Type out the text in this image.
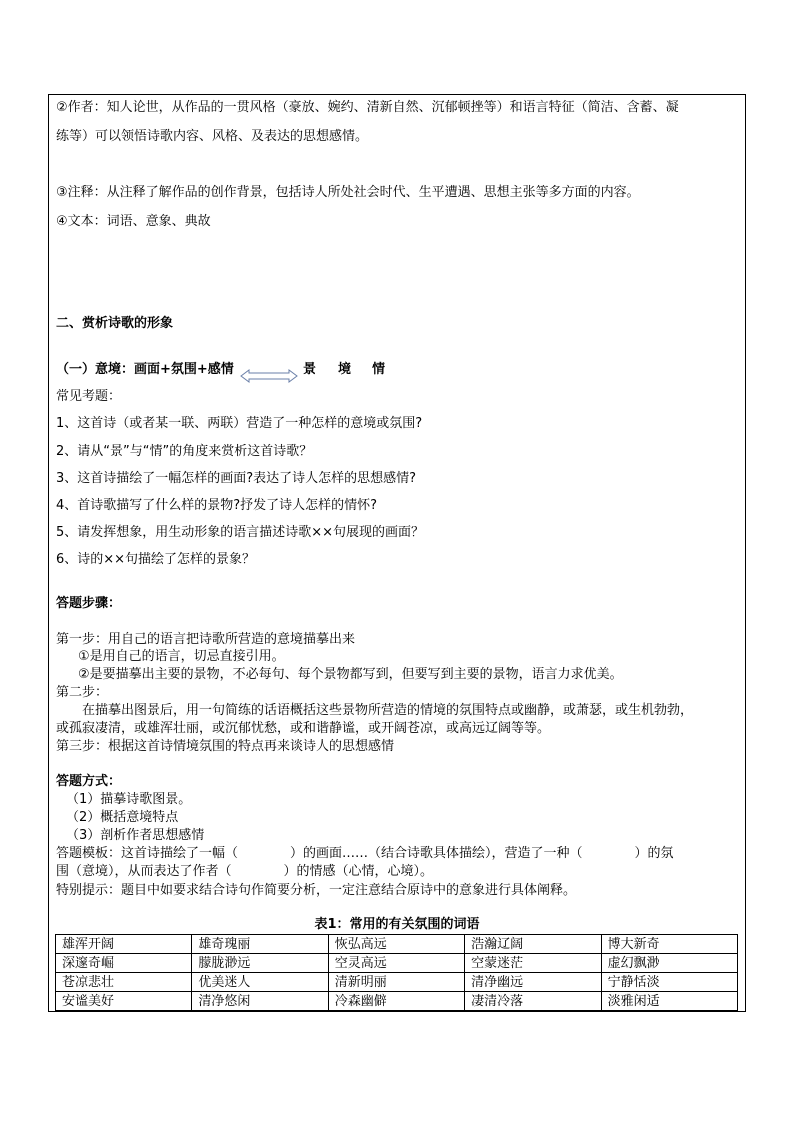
②作者：知人论世，从作品的一贯风格（豪放、婉约、清新自然、沉郁顿挫等）和语言特征（简洁、含蓄、凝
练等）可以领悟诗歌内容、风格、及表达的思想感情。
③注释：从注释了解作品的创作背景，包括诗人所处社会时代、生平遭遇、思想主张等多方面的内容。
④文本：词语、意象、典故
二、赏析诗歌的形象
（一）意境：画面+氛围+感情	景 境 情
常见考题：
1、这首诗（或者某一联、两联）营造了一种怎样的意境或氛围?
2、请从“景”与“情”的角度来赏析这首诗歌？
3、这首诗描绘了一幅怎样的画面?表达了诗人怎样的思想感情?
4、首诗歌描写了什么样的景物?抒发了诗人怎样的情怀?
5、请发挥想象，用生动形象的语言描述诗歌××句展现的画面？
6、诗的××句描绘了怎样的景象？
答题步骤：
第一步：用自己的语言把诗歌所营造的意境描摹出来
①是用自己的语言，切忌直接引用。
②是要描摹出主要的景物，不必每句、每个景物都写到，但要写到主要的景物，语言力求优美。
第二步：
在描摹出图景后，用一句简练的话语概括这些景物所营造的情境的氛围特点或幽静，或萧瑟，或生机勃勃，
或孤寂凄清，或雄浑壮丽，或沉郁忧愁，或和谐静谧，或开阔苍凉，或高远辽阔等等。
第三步：根据这首诗情境氛围的特点再来谈诗人的思想感情
答题方式：
（1）描摹诗歌图景。
（2）概括意境特点
（3）剖析作者思想感情
答题模板：这首诗描绘了一幅（　　　　）的画面……（结合诗歌具体描绘），营造了一种（　　　　）的氛
围（意境），从而表达了作者（　　　　）的情感（心情，心境）。
特别提示：题目中如要求结合诗句作简要分析，一定注意结合原诗中的意象进行具体阐释。
表1：常用的有关氛围的词语
雄浑开阔	雄奇瑰丽	恢弘高远	浩瀚辽阔	博大新奇
深邃奇崛	朦胧渺远	空灵高远	空蒙迷茫	虚幻飘渺
苍凉悲壮	优美迷人	清新明丽	清净幽远	宁静恬淡
安谧美好	清净悠闲	冷森幽僻	凄清冷落	淡雅闲适
